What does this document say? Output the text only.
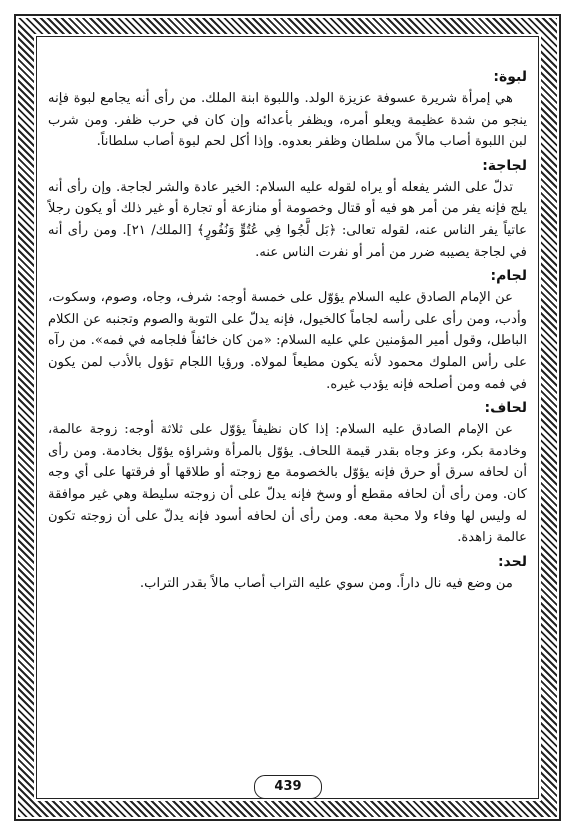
لبوة:

هي إمرأة شريرة عسوفة عزيزة الولد. واللبوة ابنة الملك. من رأى أنه يجامع لبوة فإنه ينجو من شدة عظيمة ويعلو أمره، ويظفر بأعدائه وإن كان في حرب ظفر. ومن شرب لبن اللبوة أصاب مالاً من سلطان وظفر بعدوه. وإذا أكل لحم لبوة أصاب سلطاناً.

لجاجة:

تدلّ على الشر يفعله أو يراه لقوله عليه السلام: الخير عادة والشر لجاجة. وإن رأى أنه يلج فإنه يفر من أمر هو فيه أو قتال وخصومة أو منازعة أو تجارة أو غير ذلك أو يكون رجلاً عاتياً يفر الناس عنه، لقوله تعالى: ﴿بَل لَّجُوا فِي عُتُوٍّ وَنُفُورٍ﴾ [الملك/ ٢١]. ومن رأى أنه في لجاجة يصيبه ضرر من أمر أو نفرت الناس عنه.

لجام:

عن الإمام الصادق عليه السلام يؤوّل على خمسة أوجه: شرف، وجاه، وصوم، وسكوت، وأدب، ومن رأى على رأسه لجاماً كالخيول، فإنه يدلّ على التوبة والصوم وتجنبه عن الكلام الباطل، وقول أمير المؤمنين علي عليه السلام: «من كان خائفاً فلجامه في فمه». من رآه على رأس الملوك محمود لأنه يكون مطيعاً لمولاه. ورؤيا اللجام تؤول بالأدب لمن يكون في فمه ومن أصلحه فإنه يؤدب غيره.

لحاف:

عن الإمام الصادق عليه السلام: إذا كان نظيفاً يؤوّل على ثلاثة أوجه: زوجة عالمة، وخادمة بكر، وعز وجاه بقدر قيمة اللحاف. يؤوّل بالمرأة وشراؤه يؤوّل بخادمة. ومن رأى أن لحافه سرق أو حرق فإنه يؤوّل بالخصومة مع زوجته أو طلاقها أو فرقتها على أي وجه كان. ومن رأى أن لحافه مقطع أو وسخ فإنه يدلّ على أن زوجته سليطة وهي غير موافقة له وليس لها وفاء ولا محبة معه. ومن رأى أن لحافه أسود فإنه يدلّ على أن زوجته تكون عالمة زاهدة.

لحد:

من وضع فيه نال داراً. ومن سوي عليه التراب أصاب مالاً بقدر التراب.

439
